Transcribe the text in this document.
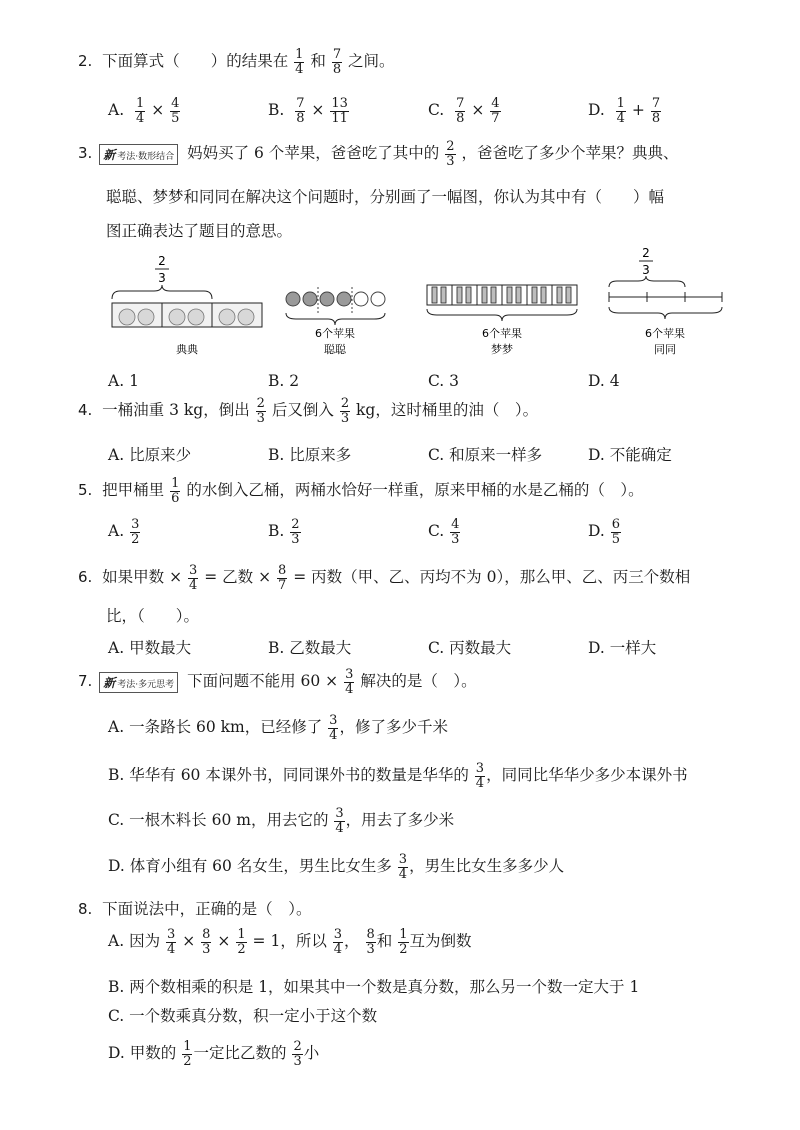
2. 下面算式（   ）的结果在 $\frac{1}{4}$ 和 $\frac{7}{8}$ 之间。
A. $\frac{1}{4} \times \frac{4}{5}$	B. $\frac{7}{8} \times \frac{13}{11}$	C. $\frac{7}{8} \times \frac{4}{7}$	D. $\frac{1}{4} + \frac{7}{8}$
3. 新 考法·数形结合 妈妈买了 6 个苹果，爸爸吃了其中的 $\frac{2}{3}$ ，爸爸吃了多少个苹果？典典、
聪聪、梦梦和同同在解决这个问题时，分别画了一幅图，你认为其中有（　　）幅
图正确表达了题目的意思。
2
3
典典
6个苹果
聪聪
6个苹果
梦梦
2
3
6个苹果
同同
A. 1	B. 2	C. 3	D. 4
4. 一桶油重 3 kg，倒出 $\frac{2}{3}$ 后又倒入 $\frac{2}{3}$ kg，这时桶里的油（  ）。
A. 比原来少	B. 比原来多	C. 和原来一样多	D. 不能确定
5. 把甲桶里 $\frac{1}{6}$ 的水倒入乙桶，两桶水恰好一样重，原来甲桶的水是乙桶的（  ）。
A. $\frac{3}{2}$	B. $\frac{2}{3}$	C. $\frac{4}{3}$	D. $\frac{6}{5}$
6. 如果甲数 × $\frac{3}{4}$ = 乙数 × $\frac{8}{7}$ = 丙数（甲、乙、丙均不为 0），那么甲、乙、丙三个数相
比，（　　）。
A. 甲数最大	B. 乙数最大	C. 丙数最大	D. 一样大
7. 新 考法·多元思考 下面问题不能用 $60 \times \frac{3}{4}$ 解决的是（  ）。
A. 一条路长 60 km，已经修了 $\frac{3}{4}$ ，修了多少千米
B. 华华有 60 本课外书，同同课外书的数量是华华的 $\frac{3}{4}$ ，同同比华华少多少本课外书
C. 一根木料长 60 m，用去它的 $\frac{3}{4}$ ，用去了多少米
D. 体育小组有 60 名女生，男生比女生多 $\frac{3}{4}$ ，男生比女生多多少人
8. 下面说法中，正确的是（  ）。
A. 因为 $\frac{3}{4} \times \frac{8}{3} \times \frac{1}{2} = 1$，所以 $\frac{3}{4}$ ， $\frac{8}{3}$ 和 $\frac{1}{2}$ 互为倒数
B. 两个数相乘的积是 1，如果其中一个数是真分数，那么另一个数一定大于 1
C. 一个数乘真分数，积一定小于这个数
D. 甲数的 $\frac{1}{2}$ 一定比乙数的 $\frac{2}{3}$ 小
